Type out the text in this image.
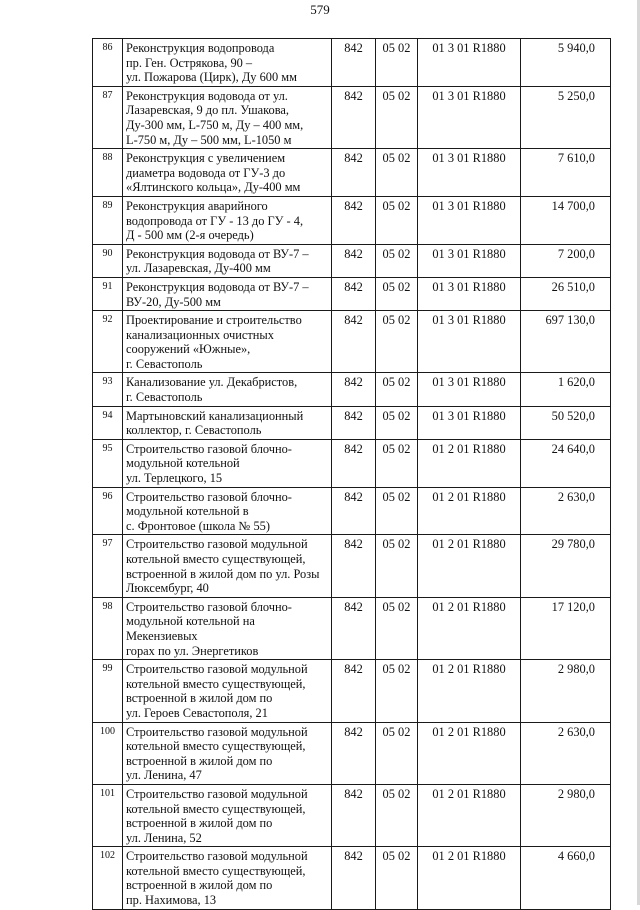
579
86	Реконструкция водопровода
пр. Ген. Острякова, 90 –
ул. Пожарова (Цирк), Ду 600 мм	842	05 02	01 3 01 R1880	5 940,0
87	Реконструкция водовода от ул.
Лазаревская, 9 до пл. Ушакова,
Ду-300 мм, L-750 м, Ду – 400 мм,
L-750 м, Ду – 500 мм, L-1050 м	842	05 02	01 3 01 R1880	5 250,0
88	Реконструкция с увеличением
диаметра водовода от ГУ-3 до
«Ялтинского кольца», Ду-400 мм	842	05 02	01 3 01 R1880	7 610,0
89	Реконструкция аварийного
водопровода от ГУ - 13 до ГУ - 4,
Д - 500 мм (2-я очередь)	842	05 02	01 3 01 R1880	14 700,0
90	Реконструкция водовода от ВУ-7 –
ул. Лазаревская, Ду-400 мм	842	05 02	01 3 01 R1880	7 200,0
91	Реконструкция водовода от ВУ-7 –
ВУ-20, Ду-500 мм	842	05 02	01 3 01 R1880	26 510,0
92	Проектирование и строительство
канализационных очистных
сооружений «Южные»,
г. Севастополь	842	05 02	01 3 01 R1880	697 130,0
93	Канализование ул. Декабристов,
г. Севастополь	842	05 02	01 3 01 R1880	1 620,0
94	Мартыновский канализационный
коллектор, г. Севастополь	842	05 02	01 3 01 R1880	50 520,0
95	Строительство газовой блочно-
модульной котельной
ул. Терлецкого, 15	842	05 02	01 2 01 R1880	24 640,0
96	Строительство газовой блочно-
модульной котельной в
с. Фронтовое (школа № 55)	842	05 02	01 2 01 R1880	2 630,0
97	Строительство газовой модульной
котельной вместо существующей,
встроенной в жилой дом по ул. Розы
Люксембург, 40	842	05 02	01 2 01 R1880	29 780,0
98	Строительство газовой блочно-
модульной котельной на Мекензиевых
горах по ул. Энергетиков	842	05 02	01 2 01 R1880	17 120,0
99	Строительство газовой модульной
котельной вместо существующей,
встроенной в жилой дом по
ул. Героев Севастополя, 21	842	05 02	01 2 01 R1880	2 980,0
100	Строительство газовой модульной
котельной вместо существующей,
встроенной в жилой дом по
ул. Ленина, 47	842	05 02	01 2 01 R1880	2 630,0
101	Строительство газовой модульной
котельной вместо существующей,
встроенной в жилой дом по
ул. Ленина, 52	842	05 02	01 2 01 R1880	2 980,0
102	Строительство газовой модульной
котельной вместо существующей,
встроенной в жилой дом по
пр. Нахимова, 13	842	05 02	01 2 01 R1880	4 660,0
